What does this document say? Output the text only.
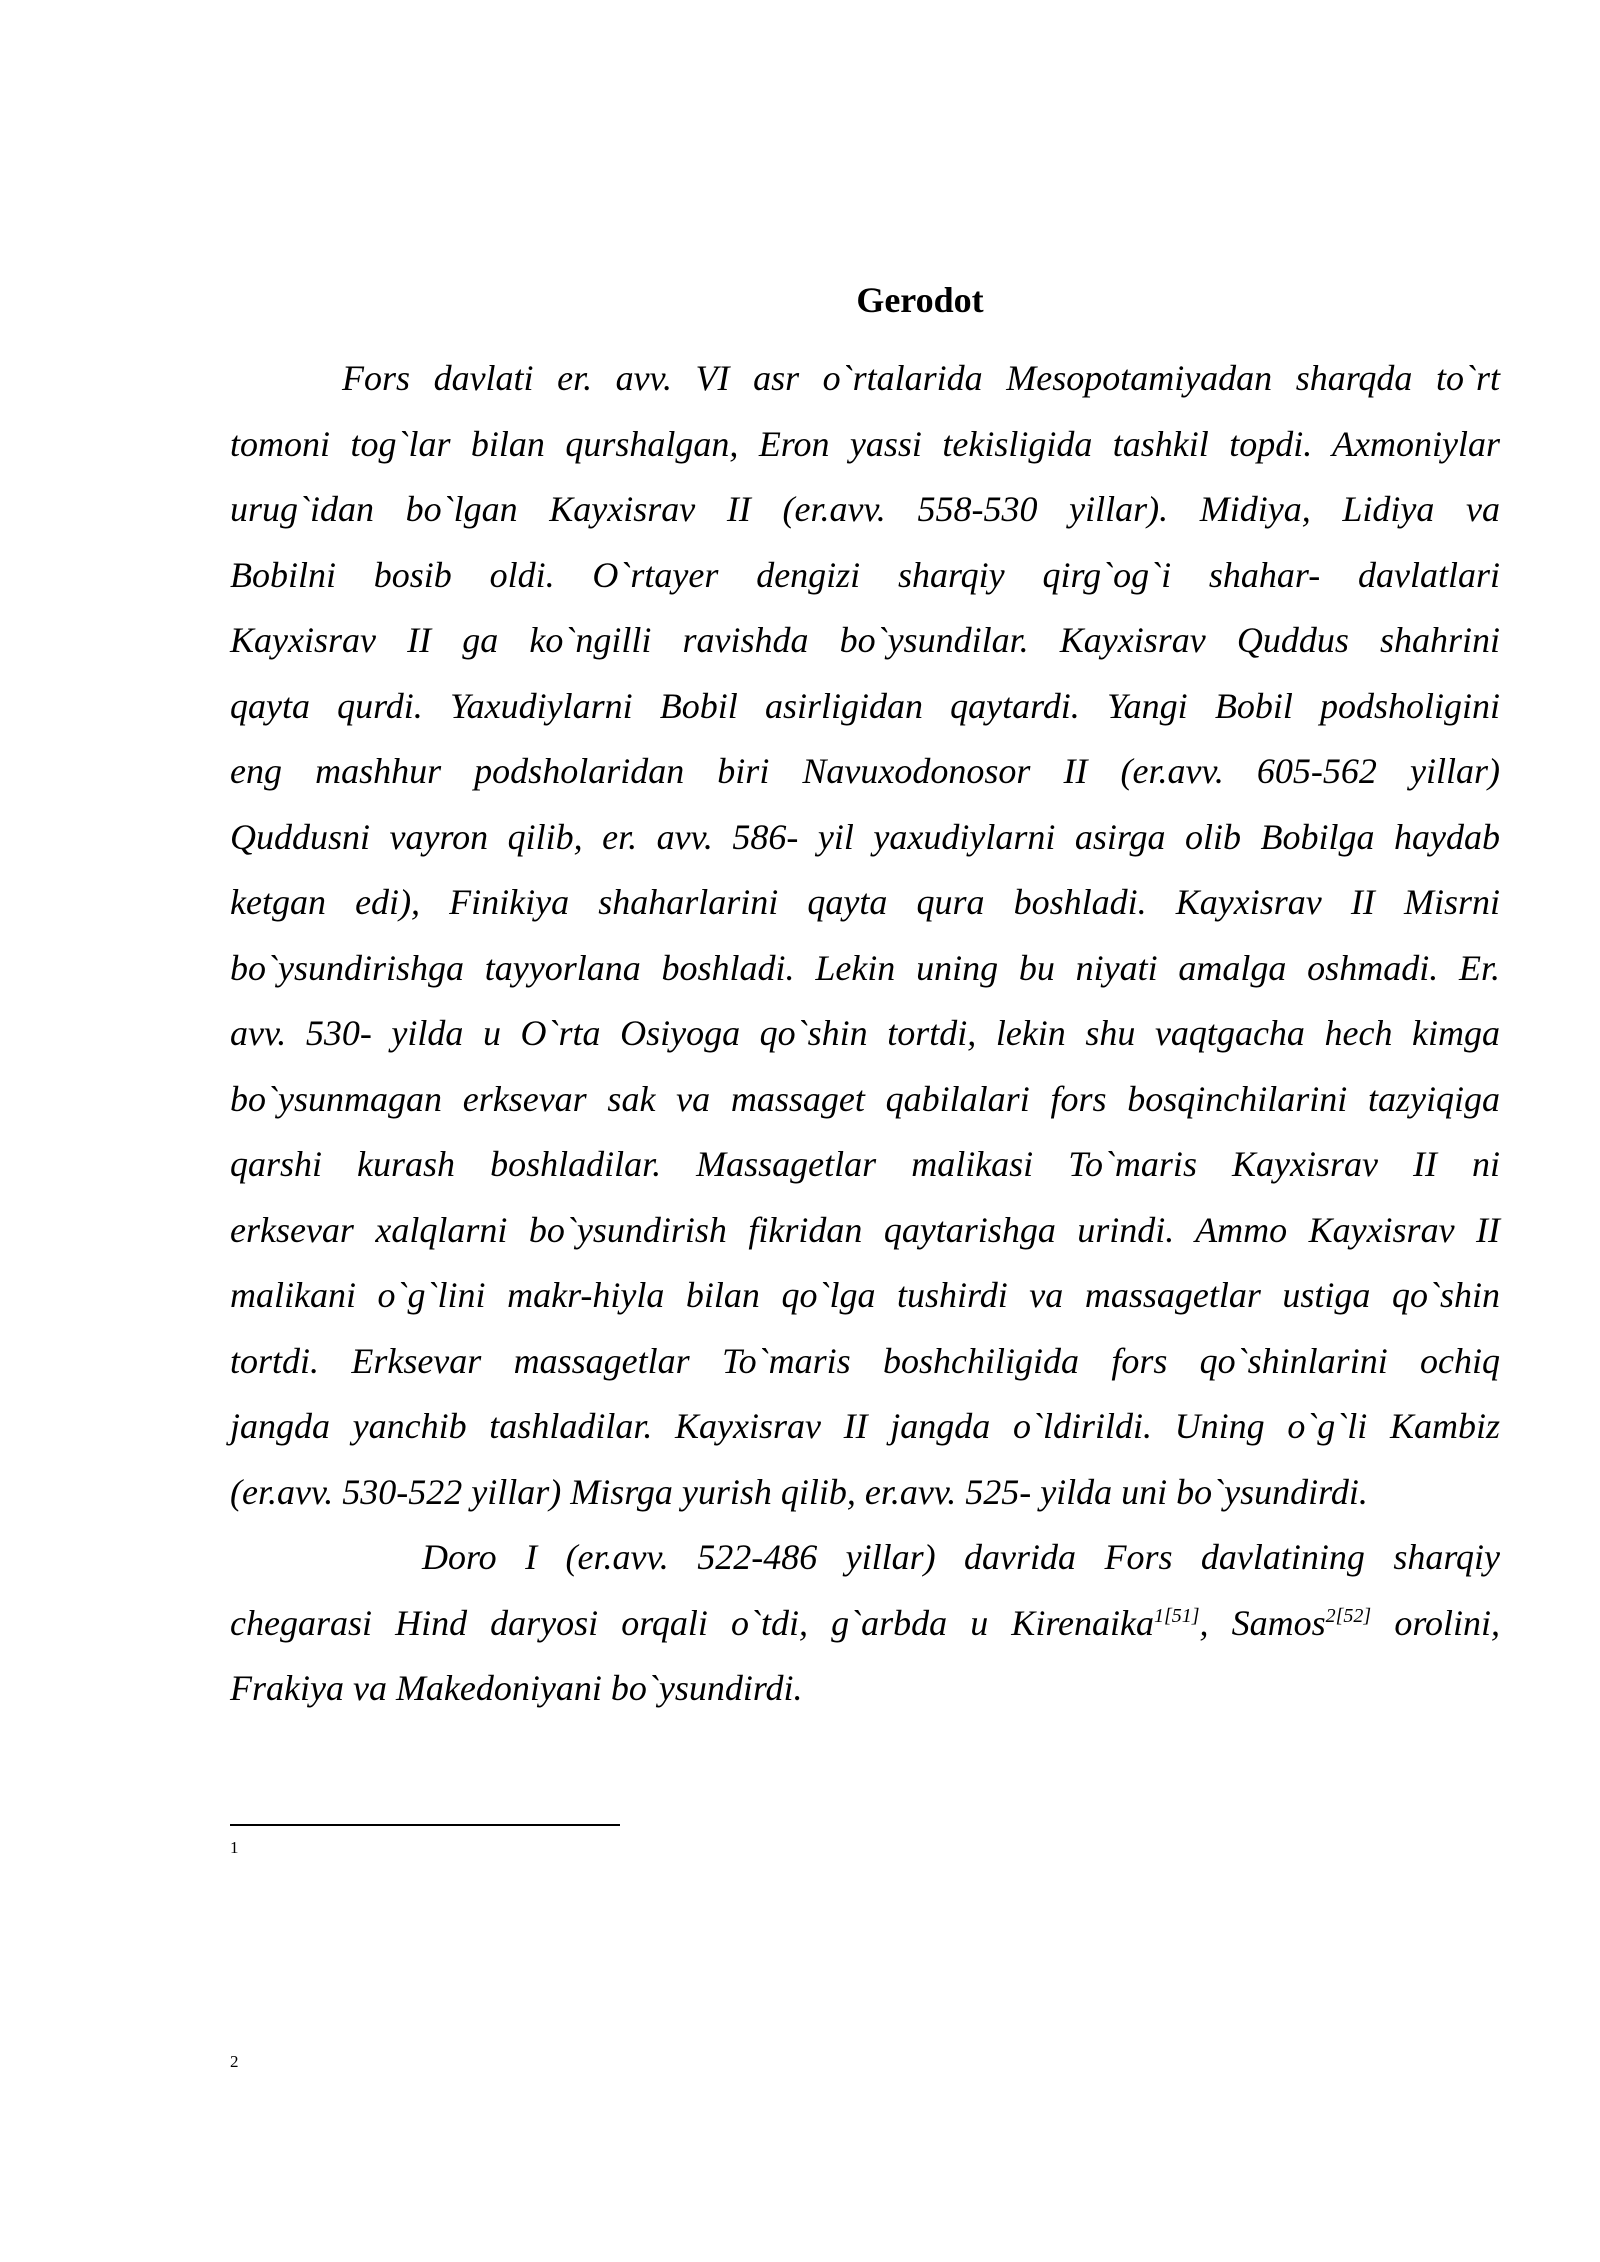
Gerodot
Fors davlati er. avv. VI asr o`rtalarida Mesopotamiyadan sharqda to`rt
tomoni tog`lar bilan qurshalgan, Eron yassi tekisligida tashkil topdi. Axmoniylar
urug`idan bo`lgan Kayxisrav II (er.avv. 558-530 yillar). Midiya, Lidiya va
Bobilni bosib oldi. O`rtayer dengizi sharqiy qirg`og`i shahar- davlatlari
Kayxisrav II ga ko`ngilli ravishda bo`ysundilar. Kayxisrav Quddus shahrini
qayta qurdi. Yaxudiylarni Bobil asirligidan qaytardi. Yangi Bobil podsholigini
eng mashhur podsholaridan biri Navuxodonosor II (er.avv. 605-562 yillar)
Quddusni vayron qilib, er. avv. 586- yil yaxudiylarni asirga olib Bobilga haydab
ketgan edi), Finikiya shaharlarini qayta qura boshladi. Kayxisrav II Misrni
bo`ysundirishga tayyorlana boshladi. Lekin uning bu niyati amalga oshmadi. Er.
avv. 530- yilda u O`rta Osiyoga qo`shin tortdi, lekin shu vaqtgacha hech kimga
bo`ysunmagan erksevar sak va massaget qabilalari fors bosqinchilarini tazyiqiga
qarshi kurash boshladilar. Massagetlar malikasi To`maris Kayxisrav II ni
erksevar xalqlarni bo`ysundirish fikridan qaytarishga urindi. Ammo Kayxisrav II
malikani o`g`lini makr-hiyla bilan qo`lga tushirdi va massagetlar ustiga qo`shin
tortdi. Erksevar massagetlar To`maris boshchiligida fors qo`shinlarini ochiq
jangda yanchib tashladilar. Kayxisrav II jangda o`ldirildi. Uning o`g`li Kambiz
(er.avv. 530-522 yillar) Misrga yurish qilib, er.avv. 525- yilda uni bo`ysundirdi.
Doro I (er.avv. 522-486 yillar) davrida Fors davlatining sharqiy
chegarasi Hind daryosi orqali o`tdi, g`arbda u Kirenaika$^{1[51]}$, Samos$^{2[52]}$ orolini,
Frakiya va Makedoniyani bo`ysundirdi.
1
2
